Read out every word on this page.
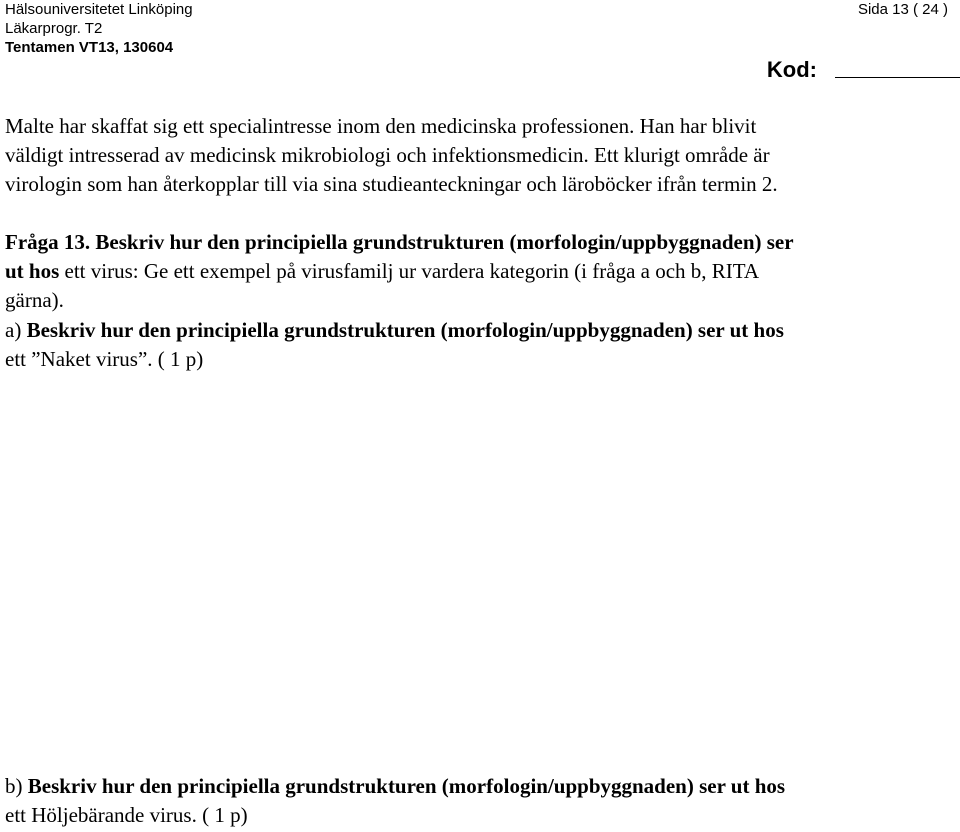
Hälsouniversitetet Linköping
Läkarprogr. T2
Tentamen VT13, 130604
Sida 13 ( 24 )
Kod:
Malte har skaffat sig ett specialintresse inom den medicinska professionen. Han har blivit
väldigt intresserad av medicinsk mikrobiologi och infektionsmedicin. Ett klurigt område är
virologin som han återkopplar till via sina studieanteckningar och läroböcker ifrån termin 2.
Fråga 13. Beskriv hur den principiella grundstrukturen (morfologin/uppbyggnaden) ser
ut hos ett virus: Ge ett exempel på virusfamilj ur vardera kategorin (i fråga a och b, RITA
gärna).
a) Beskriv hur den principiella grundstrukturen (morfologin/uppbyggnaden) ser ut hos
ett ”Naket virus”. ( 1 p)
b) Beskriv hur den principiella grundstrukturen (morfologin/uppbyggnaden) ser ut hos
ett Höljebärande virus. ( 1 p)
